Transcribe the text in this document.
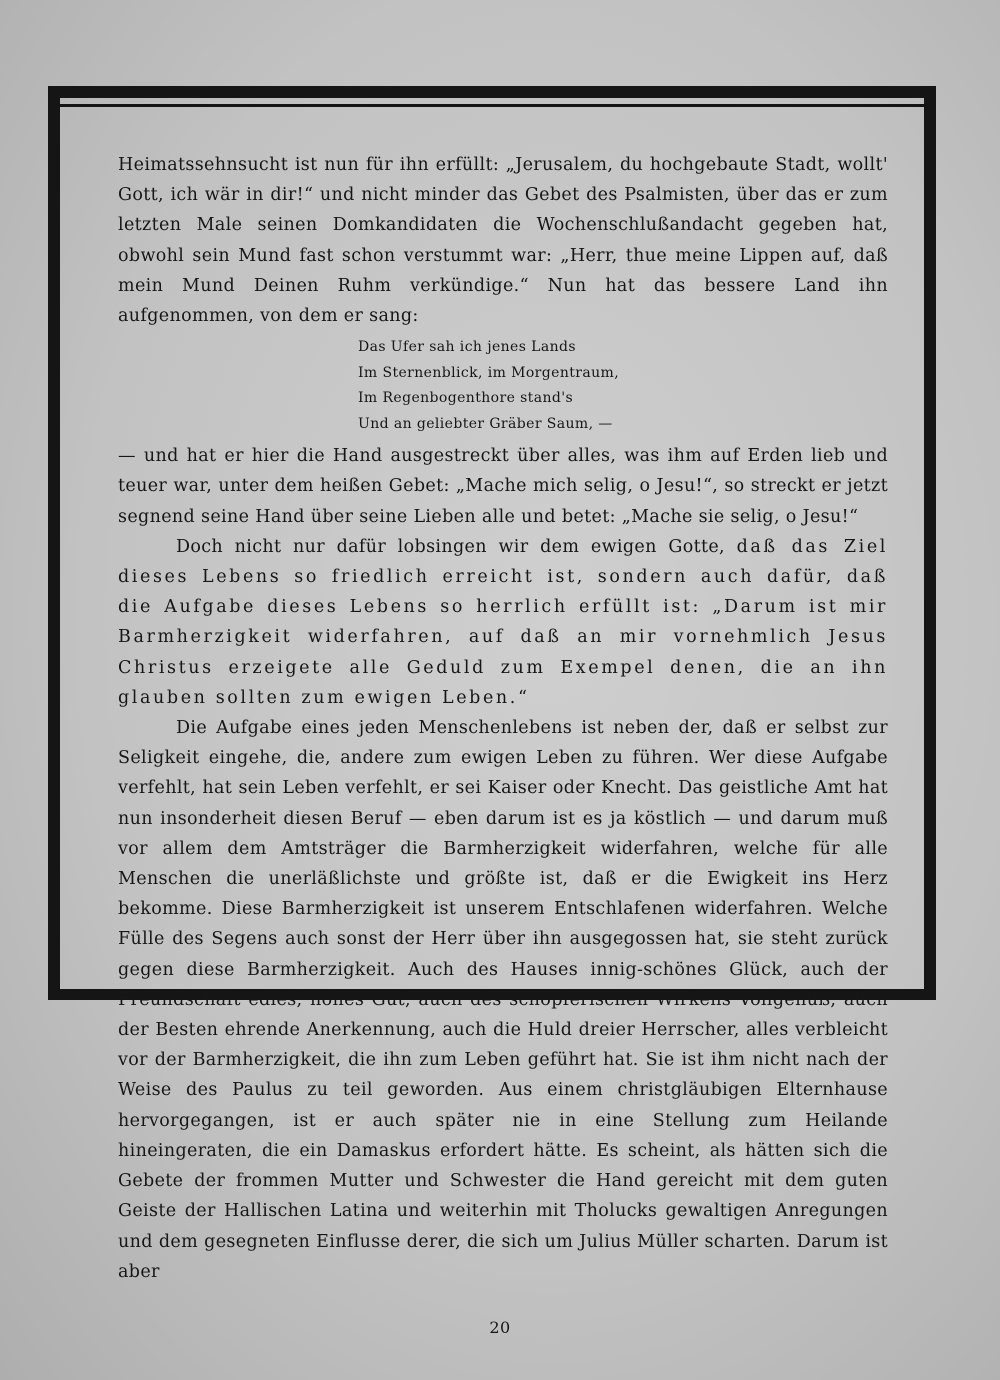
Heimatssehnsucht ist nun für ihn erfüllt: „Jerusalem, du hochgebaute Stadt, wollt' Gott, ich wär in dir!“ und nicht minder das Gebet des Psalmisten, über das er zum letzten Male seinen Domkandidaten die Wochenschlußandacht gegeben hat, obwohl sein Mund fast schon verstummt war: „Herr, thue meine Lippen auf, daß mein Mund Deinen Ruhm verkündige.“ Nun hat das bessere Land ihn aufgenommen, von dem er sang:

Das Ufer sah ich jenes Lands
Im Sternenblick, im Morgentraum,
Im Regenbogenthore stand's
Und an geliebter Gräber Saum, —

— und hat er hier die Hand ausgestreckt über alles, was ihm auf Erden lieb und teuer war, unter dem heißen Gebet: „Mache mich selig, o Jesu!“, so streckt er jetzt segnend seine Hand über seine Lieben alle und betet: „Mache sie selig, o Jesu!“

Doch nicht nur dafür lobsingen wir dem ewigen Gotte, daß das Ziel dieses Lebens so friedlich erreicht ist, sondern auch dafür, daß die Aufgabe dieses Lebens so herrlich erfüllt ist: „Darum ist mir Barmherzigkeit widerfahren, auf daß an mir vornehmlich Jesus Christus erzeigete alle Geduld zum Exempel denen, die an ihn glauben sollten zum ewigen Leben.“

Die Aufgabe eines jeden Menschenlebens ist neben der, daß er selbst zur Seligkeit eingehe, die, andere zum ewigen Leben zu führen. Wer diese Aufgabe verfehlt, hat sein Leben verfehlt, er sei Kaiser oder Knecht. Das geistliche Amt hat nun insonderheit diesen Beruf — eben darum ist es ja köstlich — und darum muß vor allem dem Amtsträger die Barmherzigkeit widerfahren, welche für alle Menschen die unerläßlichste und größte ist, daß er die Ewigkeit ins Herz bekomme. Diese Barmherzigkeit ist unserem Entschlafenen widerfahren. Welche Fülle des Segens auch sonst der Herr über ihn ausgegossen hat, sie steht zurück gegen diese Barmherzigkeit. Auch des Hauses innig-schönes Glück, auch der Freundschaft edles, hohes Gut, auch des schöpferischen Wirkens Vollgenuß, auch der Besten ehrende Anerkennung, auch die Huld dreier Herrscher, alles verbleicht vor der Barmherzigkeit, die ihn zum Leben geführt hat. Sie ist ihm nicht nach der Weise des Paulus zu teil geworden. Aus einem christgläubigen Elternhause hervorgegangen, ist er auch später nie in eine Stellung zum Heilande hineingeraten, die ein Damaskus erfordert hätte. Es scheint, als hätten sich die Gebete der frommen Mutter und Schwester die Hand gereicht mit dem guten Geiste der Hallischen Latina und weiterhin mit Tholucks gewaltigen Anregungen und dem gesegneten Einflusse derer, die sich um Julius Müller scharten. Darum ist aber

20
